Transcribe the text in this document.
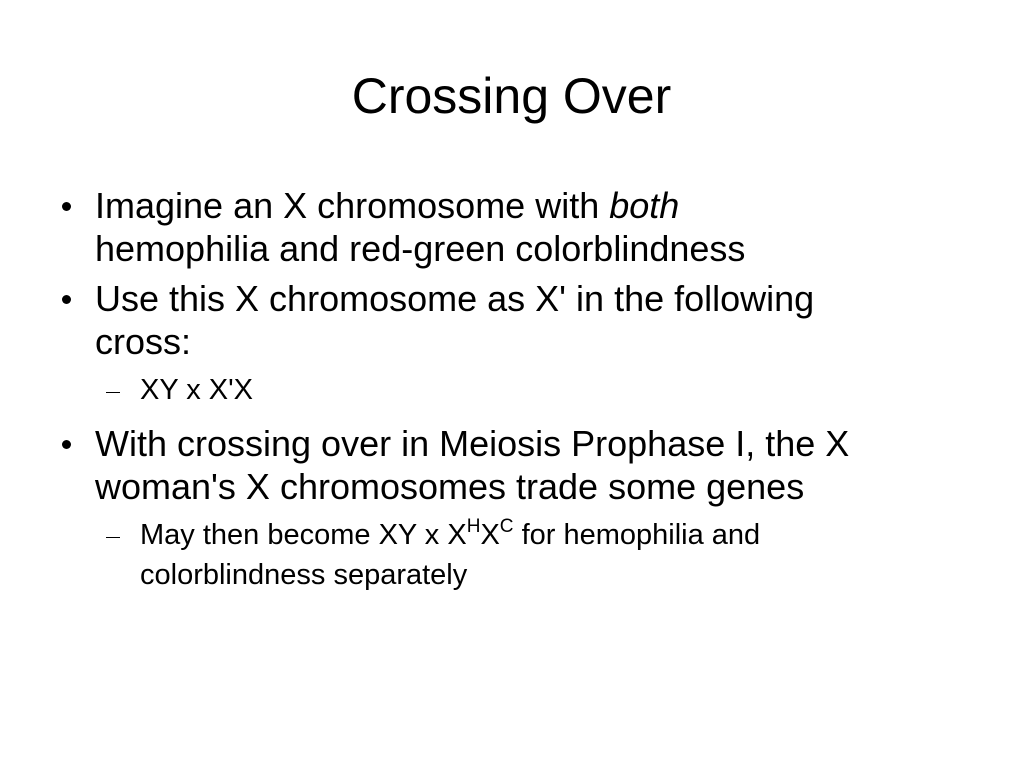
Crossing Over
Imagine an X chromosome with both
hemophilia and red-green colorblindness
Use this X chromosome as X' in the following
cross:
XY x X'X
With crossing over in Meiosis Prophase I, the X
woman's X chromosomes trade some genes
May then become XY x $X^HX^C$ for hemophilia and
colorblindness separately
